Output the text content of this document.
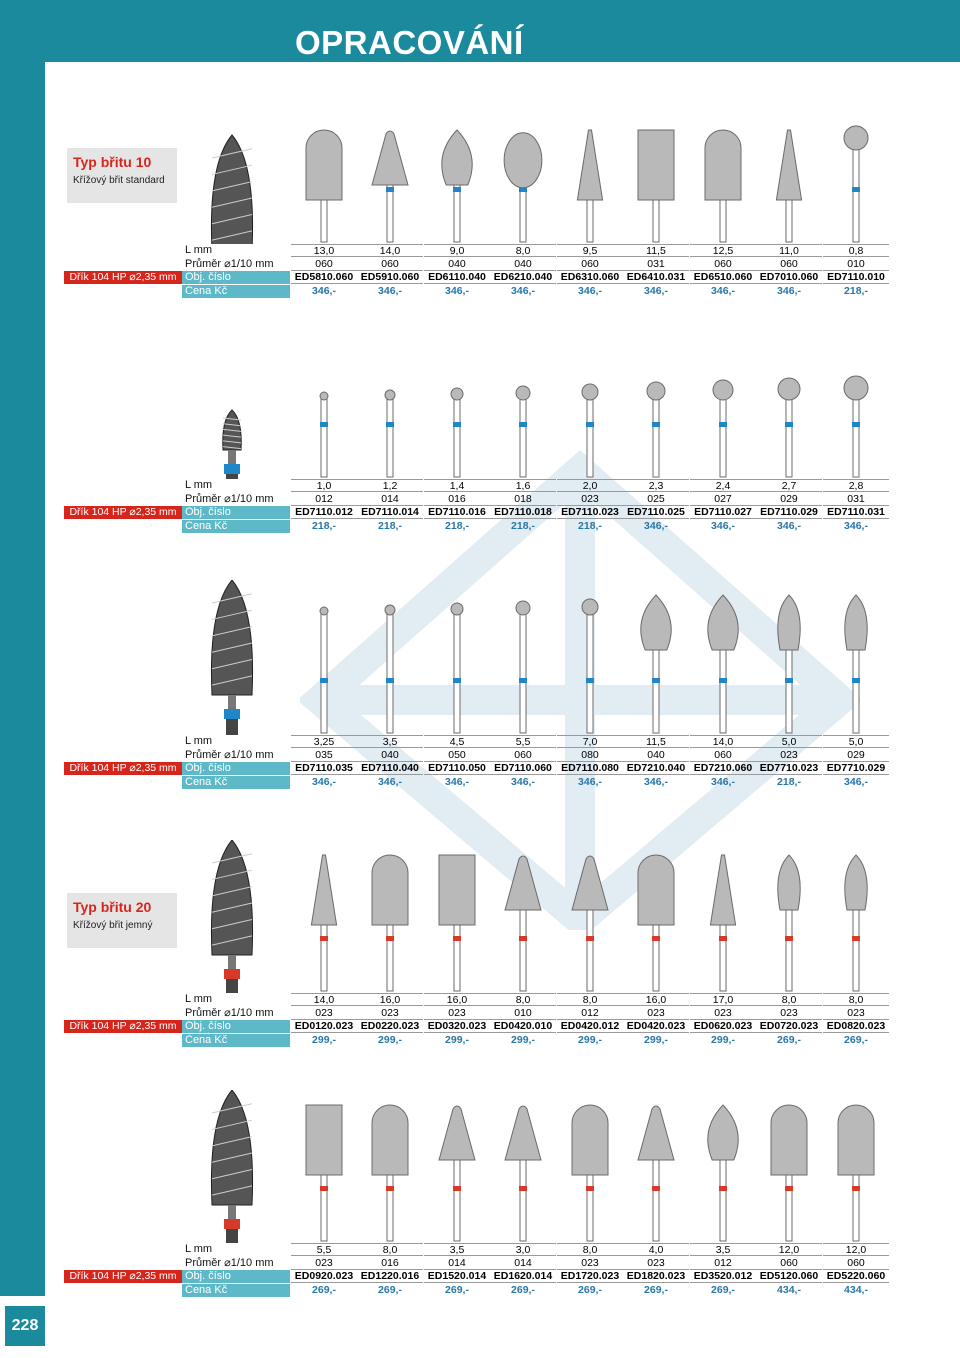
228
OPRACOVÁNÍ
Typ břitu 10
Křížový břit standard
Typ břitu 20
Křížový břit jemný
L mm	13,0	14,0	9,0	8,0	9,5	11,5	12,5	11,0	0,8
Průměr ⌀1/10 mm	060	060	040	040	060	031	060	060	010
Obj. číslo	ED5810.060 ED5910.060 ED6110.040 ED6210.040 ED6310.060 ED6410.031 ED6510.060 ED7010.060 ED7110.010
Cena Kč	346,-	346,-	346,-	346,-	346,-	346,-	346,-	346,-	218,-
Dřík 104 HP ⌀2,35 mm
L mm	1,0	1,2	1,4	1,6	2,0	2,3	2,4	2,7	2,8
Průměr ⌀1/10 mm	012	014	016	018	023	025	027	029	031
Obj. číslo	ED7110.012 ED7110.014 ED7110.016 ED7110.018 ED7110.023 ED7110.025 ED7110.027 ED7110.029 ED7110.031
Cena Kč	218,-	218,-	218,-	218,-	218,-	346,-	346,-	346,-	346,-
Dřík 104 HP ⌀2,35 mm
L mm	3,25	3,5	4,5	5,5	7,0	11,5	14,0	5,0	5,0
Průměr ⌀1/10 mm	035	040	050	060	080	040	060	023	029
Obj. číslo	ED7110.035 ED7110.040 ED7110.050 ED7110.060 ED7110.080 ED7210.040 ED7210.060 ED7710.023 ED7710.029
Cena Kč	346,-	346,-	346,-	346,-	346,-	346,-	346,-	218,-	346,-
Dřík 104 HP ⌀2,35 mm
L mm	14,0	16,0	16,0	8,0	8,0	16,0	17,0	8,0	8,0
Průměr ⌀1/10 mm	023	023	023	010	012	023	023	023	023
Obj. číslo	ED0120.023 ED0220.023 ED0320.023 ED0420.010 ED0420.012 ED0420.023 ED0620.023 ED0720.023 ED0820.023
Cena Kč	299,-	299,-	299,-	299,-	299,-	299,-	299,-	269,-	269,-
Dřík 104 HP ⌀2,35 mm
L mm	5,5	8,0	3,5	3,0	8,0	4,0	3,5	12,0	12,0
Průměr ⌀1/10 mm	023	016	014	014	023	023	012	060	060
Obj. číslo	ED0920.023 ED1220.016 ED1520.014 ED1620.014 ED1720.023 ED1820.023 ED3520.012 ED5120.060 ED5220.060
Cena Kč	269,-	269,-	269,-	269,-	269,-	269,-	269,-	434,-	434,-
Dřík 104 HP ⌀2,35 mm
